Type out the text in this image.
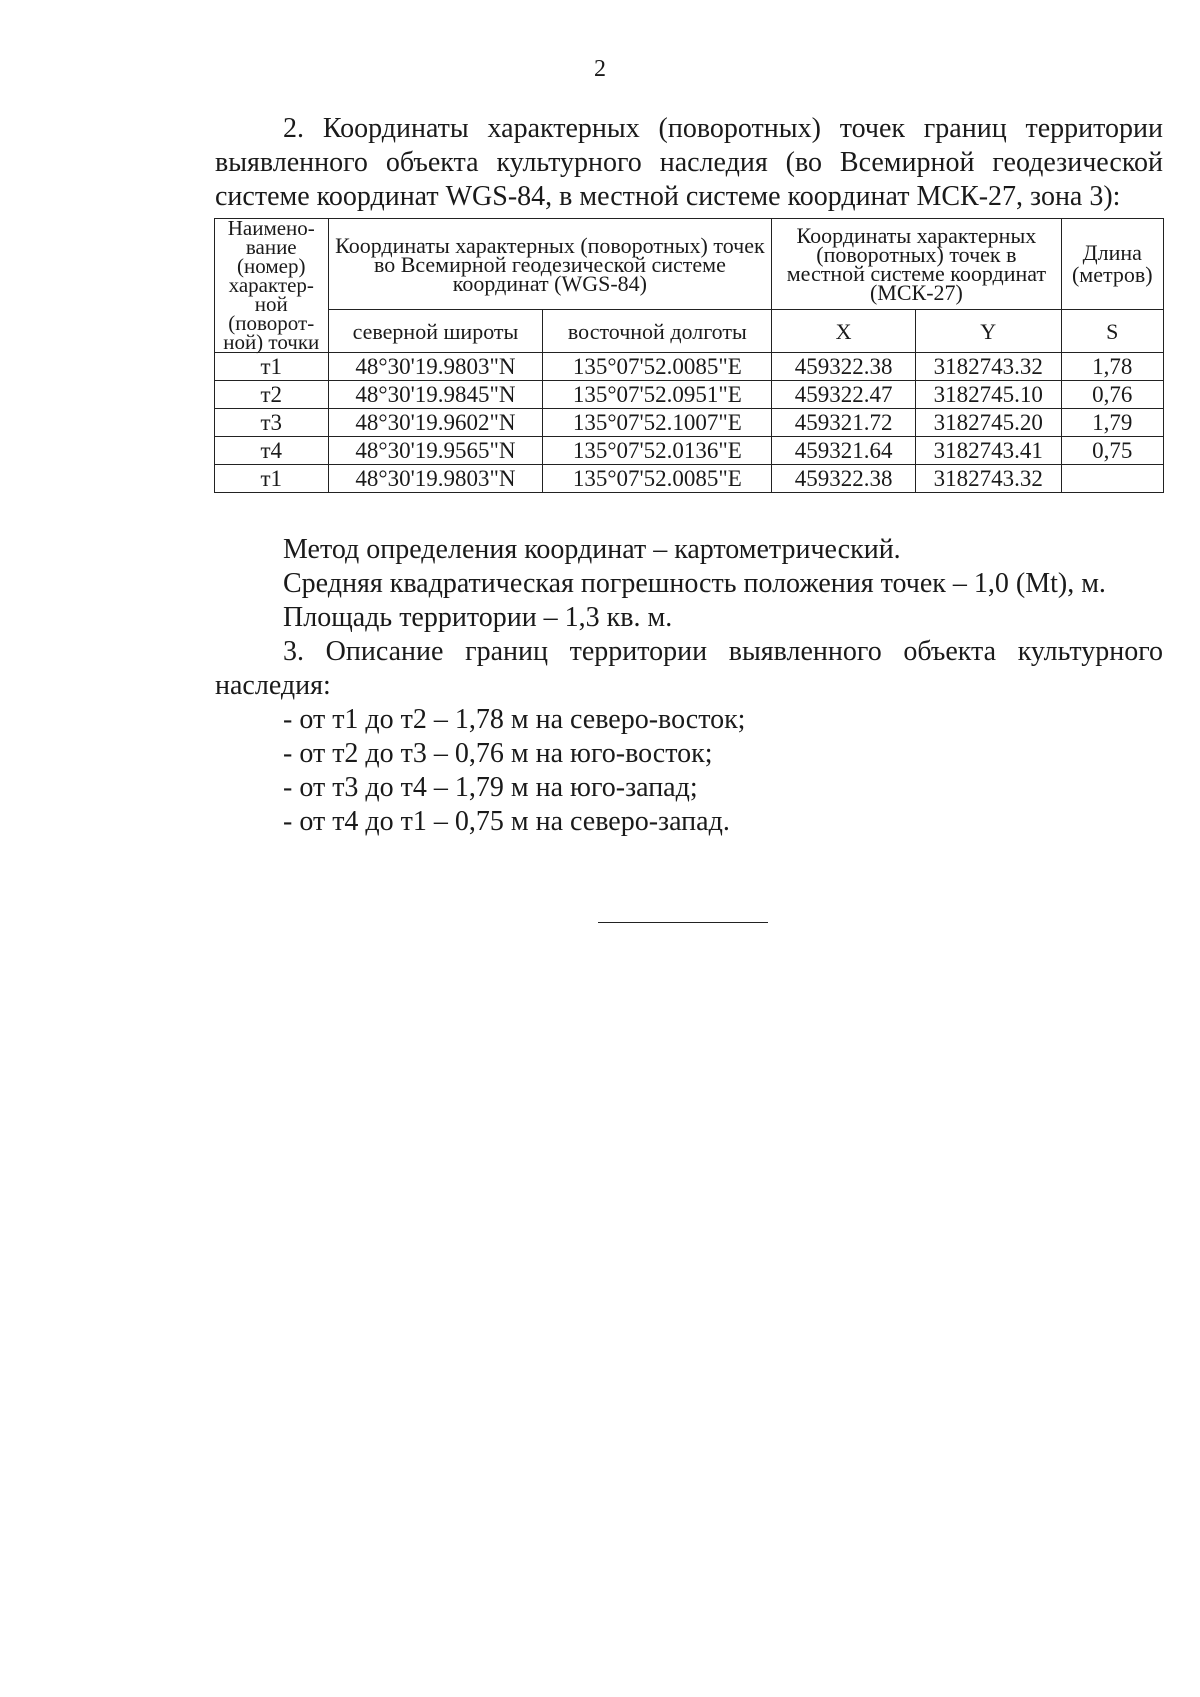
2

2. Координаты характерных (поворотных) точек границ территории выявленного объекта культурного наследия (во Всемирной геодезической системе координат WGS-84, в местной системе координат МСК-27, зона 3):

Наимено-вание (номер) характер-ной (поворот-ной) точки	Координаты характерных (поворотных) точек во Всемирной геодезической системе координат (WGS-84)		Координаты характерных (поворотных) точек в местной системе координат (МСК-27)		Длина (метров)
	северной широты	восточной долготы	X	Y	S
т1	48°30'19.9803"N	135°07'52.0085"E	459322.38	3182743.32	1,78
т2	48°30'19.9845"N	135°07'52.0951"E	459322.47	3182745.10	0,76
т3	48°30'19.9602"N	135°07'52.1007"E	459321.72	3182745.20	1,79
т4	48°30'19.9565"N	135°07'52.0136"E	459321.64	3182743.41	0,75
т1	48°30'19.9803"N	135°07'52.0085"E	459322.38	3182743.32	

Метод определения координат – картометрический.

Средняя квадратическая погрешность положения точек – 1,0 (Mt), м.

Площадь территории – 1,3 кв. м.

3. Описание границ территории выявленного объекта культурного наследия:

- от т1 до т2 – 1,78 м на северо-восток;

- от т2 до т3 – 0,76 м на юго-восток;

- от т3 до т4 – 1,79 м на юго-запад;

- от т4 до т1 – 0,75 м на северо-запад.
